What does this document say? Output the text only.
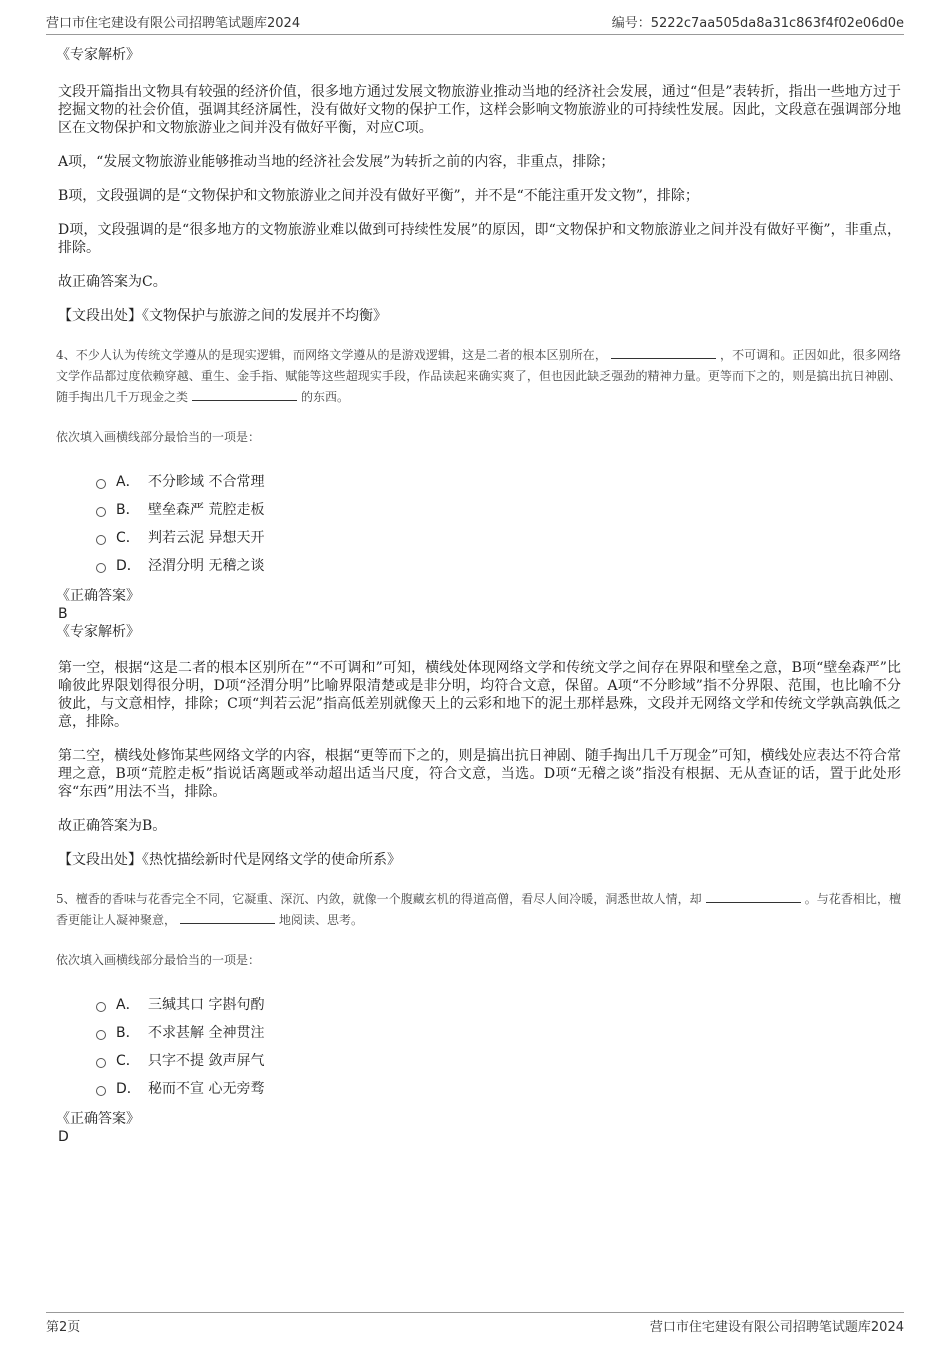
营口市住宅建设有限公司招聘笔试题库2024	编号：5222c7aa505da8a31c863f4f02e06d0e

《专家解析》

文段开篇指出文物具有较强的经济价值，很多地方通过发展文物旅游业推动当地的经济社会发展，通过“但是”表转折，指出一些地方过于挖掘文物的社会价值，强调其经济属性，没有做好文物的保护工作，这样会影响文物旅游业的可持续性发展。因此，文段意在强调部分地区在文物保护和文物旅游业之间并没有做好平衡，对应C项。

A项，“发展文物旅游业能够推动当地的经济社会发展”为转折之前的内容，非重点，排除；

B项，文段强调的是“文物保护和文物旅游业之间并没有做好平衡”，并不是“不能注重开发文物”，排除；

D项，文段强调的是“很多地方的文物旅游业难以做到可持续性发展”的原因，即“文物保护和文物旅游业之间并没有做好平衡”，非重点，排除。

故正确答案为C。

【文段出处】《文物保护与旅游之间的发展并不均衡》

4、不少人认为传统文学遵从的是现实逻辑，而网络文学遵从的是游戏逻辑，这是二者的根本区别所在，	，不可调和。正因如此，很多网络文学作品都过度依赖穿越、重生、金手指、赋能等这些超现实手段，作品读起来确实爽了，但也因此缺乏强劲的精神力量。更等而下之的，则是搞出抗日神剧、随手掏出几千万现金之类	的东西。

依次填入画横线部分最恰当的一项是：

A． 不分畛域 不合常理
B． 壁垒森严 荒腔走板
C． 判若云泥 异想天开
D． 泾渭分明 无稽之谈

《正确答案》

B

《专家解析》

第一空，根据“这是二者的根本区别所在”“不可调和”可知，横线处体现网络文学和传统文学之间存在界限和壁垒之意，B项“壁垒森严”比喻彼此界限划得很分明，D项“泾渭分明”比喻界限清楚或是非分明，均符合文意，保留。A项“不分畛域”指不分界限、范围，也比喻不分彼此，与文意相悖，排除；C项“判若云泥”指高低差别就像天上的云彩和地下的泥土那样悬殊，文段并无网络文学和传统文学孰高孰低之意，排除。

第二空，横线处修饰某些网络文学的内容，根据“更等而下之的，则是搞出抗日神剧、随手掏出几千万现金”可知，横线处应表达不符合常理之意，B项“荒腔走板”指说话离题或举动超出适当尺度，符合文意，当选。D项“无稽之谈”指没有根据、无从查证的话，置于此处形容“东西”用法不当，排除。

故正确答案为B。

【文段出处】《热忱描绘新时代是网络文学的使命所系》

5、檀香的香味与花香完全不同，它凝重、深沉、内敛，就像一个腹藏玄机的得道高僧，看尽人间冷暖，洞悉世故人情，却	。与花香相比，檀香更能让人凝神聚意，	地阅读、思考。

依次填入画横线部分最恰当的一项是：

A． 三缄其口 字斟句酌
B． 不求甚解 全神贯注
C． 只字不提 敛声屏气
D． 秘而不宣 心无旁骛

《正确答案》

D

第2页	营口市住宅建设有限公司招聘笔试题库2024
